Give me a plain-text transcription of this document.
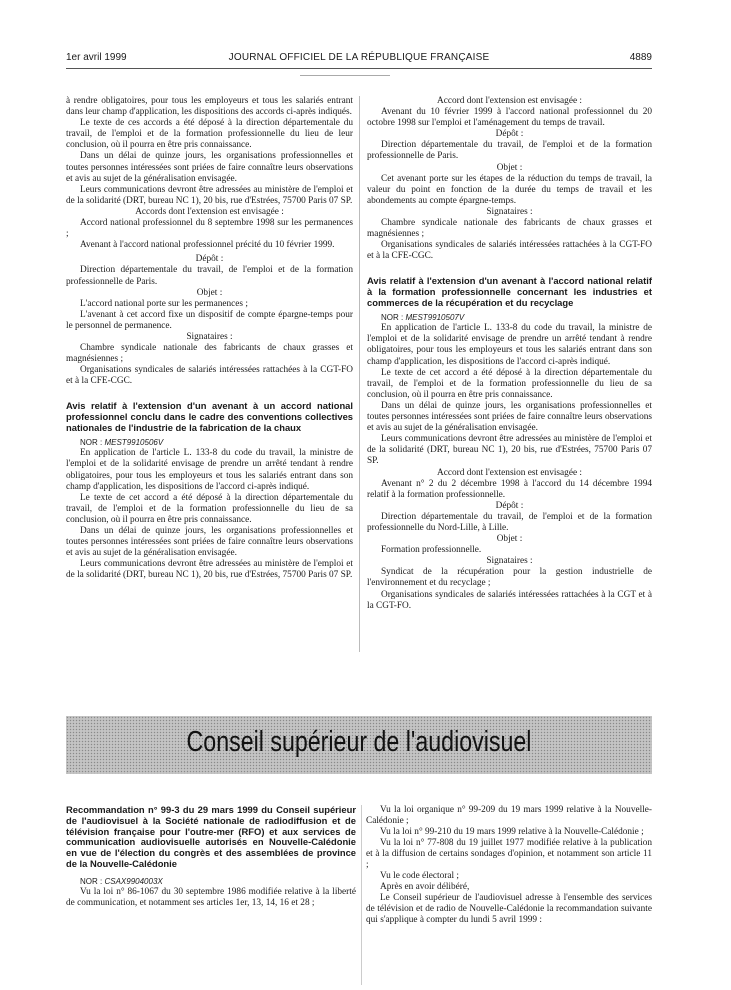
1er avril 1999	JOURNAL OFFICIEL DE LA RÉPUBLIQUE FRANÇAISE	4889

à rendre obligatoires, pour tous les employeurs et tous les salariés entrant dans leur champ d'application, les dispositions des accords ci-après indiqués.

Le texte de ces accords a été déposé à la direction départementale du travail, de l'emploi et de la formation professionnelle du lieu de leur conclusion, où il pourra en être pris connaissance.

Dans un délai de quinze jours, les organisations professionnelles et toutes personnes intéressées sont priées de faire connaître leurs observations et avis au sujet de la généralisation envisagée.

Leurs communications devront être adressées au ministère de l'emploi et de la solidarité (DRT, bureau NC 1), 20 bis, rue d'Estrées, 75700 Paris 07 SP.

Accords dont l'extension est envisagée :

Accord national professionnel du 8 septembre 1998 sur les permanences ;

Avenant à l'accord national professionnel précité du 10 février 1999.

Dépôt :

Direction départementale du travail, de l'emploi et de la formation professionnelle de Paris.

Objet :

L'accord national porte sur les permanences ;

L'avenant à cet accord fixe un dispositif de compte épargne-temps pour le personnel de permanence.

Signataires :

Chambre syndicale nationale des fabricants de chaux grasses et magnésiennes ;

Organisations syndicales de salariés intéressées rattachées à la CGT-FO et à la CFE-CGC.

Avis relatif à l'extension d'un avenant à un accord national professionnel conclu dans le cadre des conventions collectives nationales de l'industrie de la fabrication de la chaux

NOR : MEST9910506V

En application de l'article L. 133-8 du code du travail, la ministre de l'emploi et de la solidarité envisage de prendre un arrêté tendant à rendre obligatoires, pour tous les employeurs et tous les salariés entrant dans son champ d'application, les dispositions de l'accord ci-après indiqué.

Le texte de cet accord a été déposé à la direction départementale du travail, de l'emploi et de la formation professionnelle du lieu de sa conclusion, où il pourra en être pris connaissance.

Dans un délai de quinze jours, les organisations professionnelles et toutes personnes intéressées sont priées de faire connaître leurs observations et avis au sujet de la généralisation envisagée.

Leurs communications devront être adressées au ministère de l'emploi et de la solidarité (DRT, bureau NC 1), 20 bis, rue d'Estrées, 75700 Paris 07 SP.

Accord dont l'extension est envisagée :

Avenant du 10 février 1999 à l'accord national professionnel du 20 octobre 1998 sur l'emploi et l'aménagement du temps de travail.

Dépôt :

Direction départementale du travail, de l'emploi et de la formation professionnelle de Paris.

Objet :

Cet avenant porte sur les étapes de la réduction du temps de travail, la valeur du point en fonction de la durée du temps de travail et les abondements au compte épargne-temps.

Signataires :

Chambre syndicale nationale des fabricants de chaux grasses et magnésiennes ;

Organisations syndicales de salariés intéressées rattachées à la CGT-FO et à la CFE-CGC.

Avis relatif à l'extension d'un avenant à l'accord national relatif à la formation professionnelle concernant les industries et commerces de la récupération et du recyclage

NOR : MEST9910507V

En application de l'article L. 133-8 du code du travail, la ministre de l'emploi et de la solidarité envisage de prendre un arrêté tendant à rendre obligatoires, pour tous les employeurs et tous les salariés entrant dans son champ d'application, les dispositions de l'accord ci-après indiqué.

Le texte de cet accord a été déposé à la direction départementale du travail, de l'emploi et de la formation professionnelle du lieu de sa conclusion, où il pourra en être pris connaissance.

Dans un délai de quinze jours, les organisations professionnelles et toutes personnes intéressées sont priées de faire connaître leurs observations et avis au sujet de la généralisation envisagée.

Leurs communications devront être adressées au ministère de l'emploi et de la solidarité (DRT, bureau NC 1), 20 bis, rue d'Estrées, 75700 Paris 07 SP.

Accord dont l'extension est envisagée :

Avenant n° 2 du 2 décembre 1998 à l'accord du 14 décembre 1994 relatif à la formation professionnelle.

Dépôt :

Direction départementale du travail, de l'emploi et de la formation professionnelle du Nord-Lille, à Lille.

Objet :

Formation professionnelle.

Signataires :

Syndicat de la récupération pour la gestion industrielle de l'environnement et du recyclage ;

Organisations syndicales de salariés intéressées rattachées à la CGT et à la CGT-FO.

Conseil supérieur de l'audiovisuel
Recommandation n° 99-3 du 29 mars 1999 du Conseil supérieur de l'audiovisuel à la Société nationale de radiodiffusion et de télévision française pour l'outre-mer (RFO) et aux services de communication audiovisuelle autorisés en Nouvelle-Calédonie en vue de l'élection du congrès et des assemblées de province de la Nouvelle-Calédonie

NOR : CSAX9904003X

Vu la loi n° 86-1067 du 30 septembre 1986 modifiée relative à la liberté de communication, et notamment ses articles 1er, 13, 14, 16 et 28 ;

Vu la loi organique n° 99-209 du 19 mars 1999 relative à la Nouvelle-Calédonie ;

Vu la loi n° 99-210 du 19 mars 1999 relative à la Nouvelle-Calédonie ;

Vu la loi n° 77-808 du 19 juillet 1977 modifiée relative à la publication et à la diffusion de certains sondages d'opinion, et notamment son article 11 ;

Vu le code électoral ;

Après en avoir délibéré,

Le Conseil supérieur de l'audiovisuel adresse à l'ensemble des services de télévision et de radio de Nouvelle-Calédonie la recommandation suivante qui s'applique à compter du lundi 5 avril 1999 :
